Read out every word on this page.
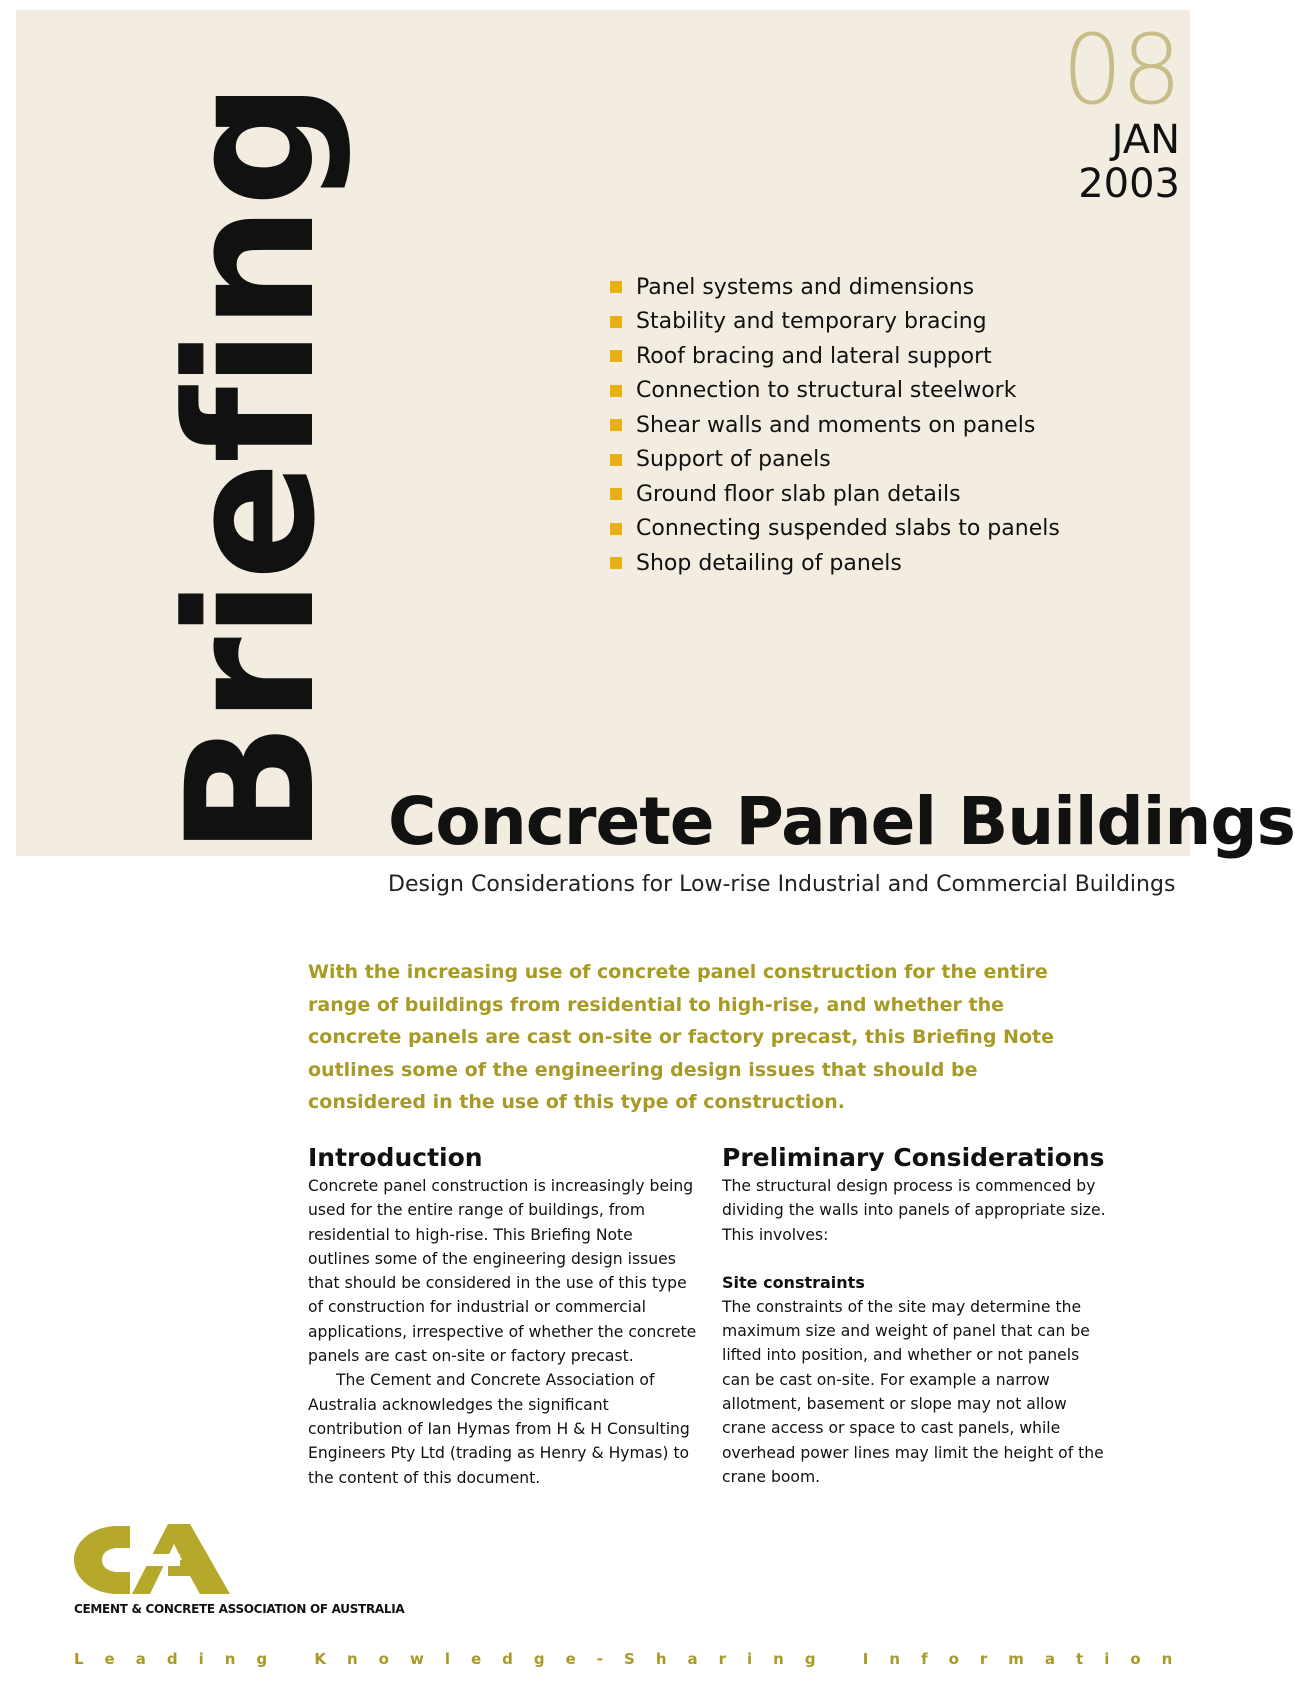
08
JAN
2003
Briefing	Panel systems and dimensions
Stability and temporary bracing
Roof bracing and lateral support
Connection to structural steelwork
Shear walls and moments on panels
Support of panels
Ground floor slab plan details
Connecting suspended slabs to panels
Shop detailing of panels
Concrete Panel Buildings
Design Considerations for Low-rise Industrial and Commercial Buildings

With the increasing use of concrete panel construction for the entire range of buildings from residential to high-rise, and whether the concrete panels are cast on-site or factory precast, this Briefing Note outlines some of the engineering design issues that should be considered in the use of this type of construction.

Introduction

Concrete panel construction is increasingly being used for the entire range of buildings, from residential to high-rise. This Briefing Note outlines some of the engineering design issues that should be considered in the use of this type of construction for industrial or commercial applications, irrespective of whether the concrete panels are cast on-site or factory precast.

The Cement and Concrete Association of Australia acknowledges the significant contribution of Ian Hymas from H & H Consulting Engineers Pty Ltd (trading as Henry & Hymas) to the content of this document.

Preliminary Considerations

The structural design process is commenced by dividing the walls into panels of appropriate size. This involves:

Site constraints

The constraints of the site may determine the maximum size and weight of panel that can be lifted into position, and whether or not panels can be cast on-site. For example a narrow allotment, basement or slope may not allow crane access or space to cast panels, while overhead power lines may limit the height of the crane boom.

CEMENT & CONCRETE ASSOCIATION OF AUSTRALIA
Leading Knowledge-Sharing Information
